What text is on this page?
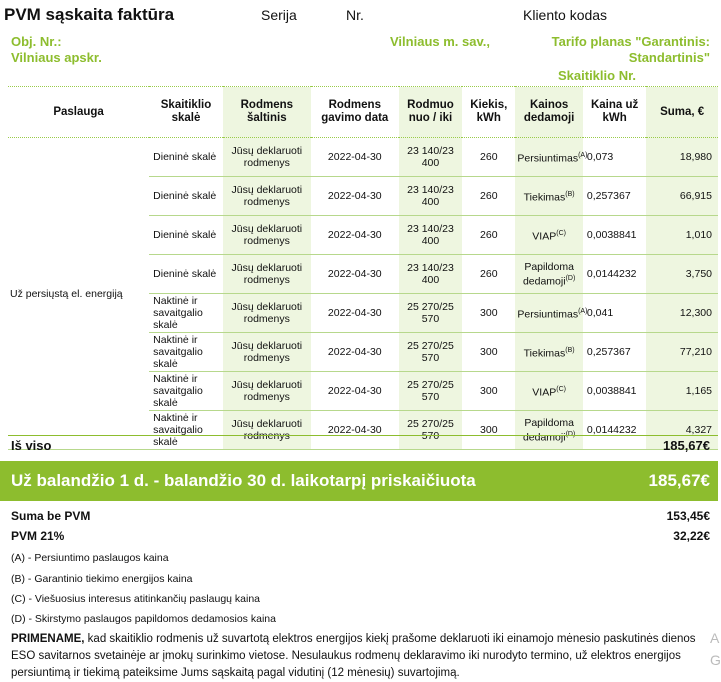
PVM sąskaita faktūra	Serija	Nr.	Kliento kodas
Obj. Nr.:
Vilniaus apskr.
Vilniaus m. sav.,	Tarifo planas "Garantinis:
Standartinis"
Skaitiklio Nr.
Paslauga	Skaitiklio skalė	Rodmens šaltinis	Rodmens gavimo data	Rodmuo nuo / iki	Kiekis, kWh	Kainos dedamoji	Kaina už kWh	Suma, €
Už persiųstą el. energiją	Dieninė skalė	Jūsų deklaruoti rodmenys	2022-04-30	23 140/23 400	260	Persiuntimas$^{(A)}$	0,073	18,980
	Dieninė skalė	Jūsų deklaruoti rodmenys	2022-04-30	23 140/23 400	260	Tiekimas$^{(B)}$	0,257367	66,915
	Dieninė skalė	Jūsų deklaruoti rodmenys	2022-04-30	23 140/23 400	260	$VIAP^{(C)}$	0,0038841	1,010
	Dieninė skalė	Jūsų deklaruoti rodmenys	2022-04-30	23 140/23 400	260	Papildoma dedamoji$^{(D)}$	0,0144232	3,750
	Naktinė ir savaitgalio skalė	Jūsų deklaruoti rodmenys	2022-04-30	25 270/25 570	300	Persiuntimas$^{(A)}$	0,041	12,300
	Naktinė ir savaitgalio skalė	Jūsų deklaruoti rodmenys	2022-04-30	25 270/25 570	300	Tiekimas$^{(B)}$	0,257367	77,210
	Naktinė ir savaitgalio skalė	Jūsų deklaruoti rodmenys	2022-04-30	25 270/25 570	300	$VIAP^{(C)}$	0,0038841	1,165
	Naktinė ir savaitgalio skalė	Jūsų deklaruoti rodmenys	2022-04-30	25 270/25 570	300	Papildoma dedamoji$^{(D)}$	0,0144232	4,327
Iš viso	185,67€
Už balandžio 1 d. - balandžio 30 d. laikotarpį priskaičiuota	185,67€
Suma be PVM	153,45€
PVM 21%	32,22€
(A) - Persiuntimo paslaugos kaina
(B) - Garantinio tiekimo energijos kaina
(C) - Viešuosius interesus atitinkančių paslaugų kaina
(D) - Skirstymo paslaugos papildomos dedamosios kaina
PRIMENAME, kad skaitiklio rodmenis už suvartotą elektros energijos kiekį prašome deklaruoti iki einamojo mėnesio paskutinės dienos ESO savitarnos svetainėje ar įmokų surinkimo vietose. Nesulaukus rodmenų deklaravimo iki nurodyto termino, už elektros energijos persiuntimą ir tiekimą pateiksime Jums sąskaitą pagal vidutinį (12 mėnesių) suvartojimą.
A
G
